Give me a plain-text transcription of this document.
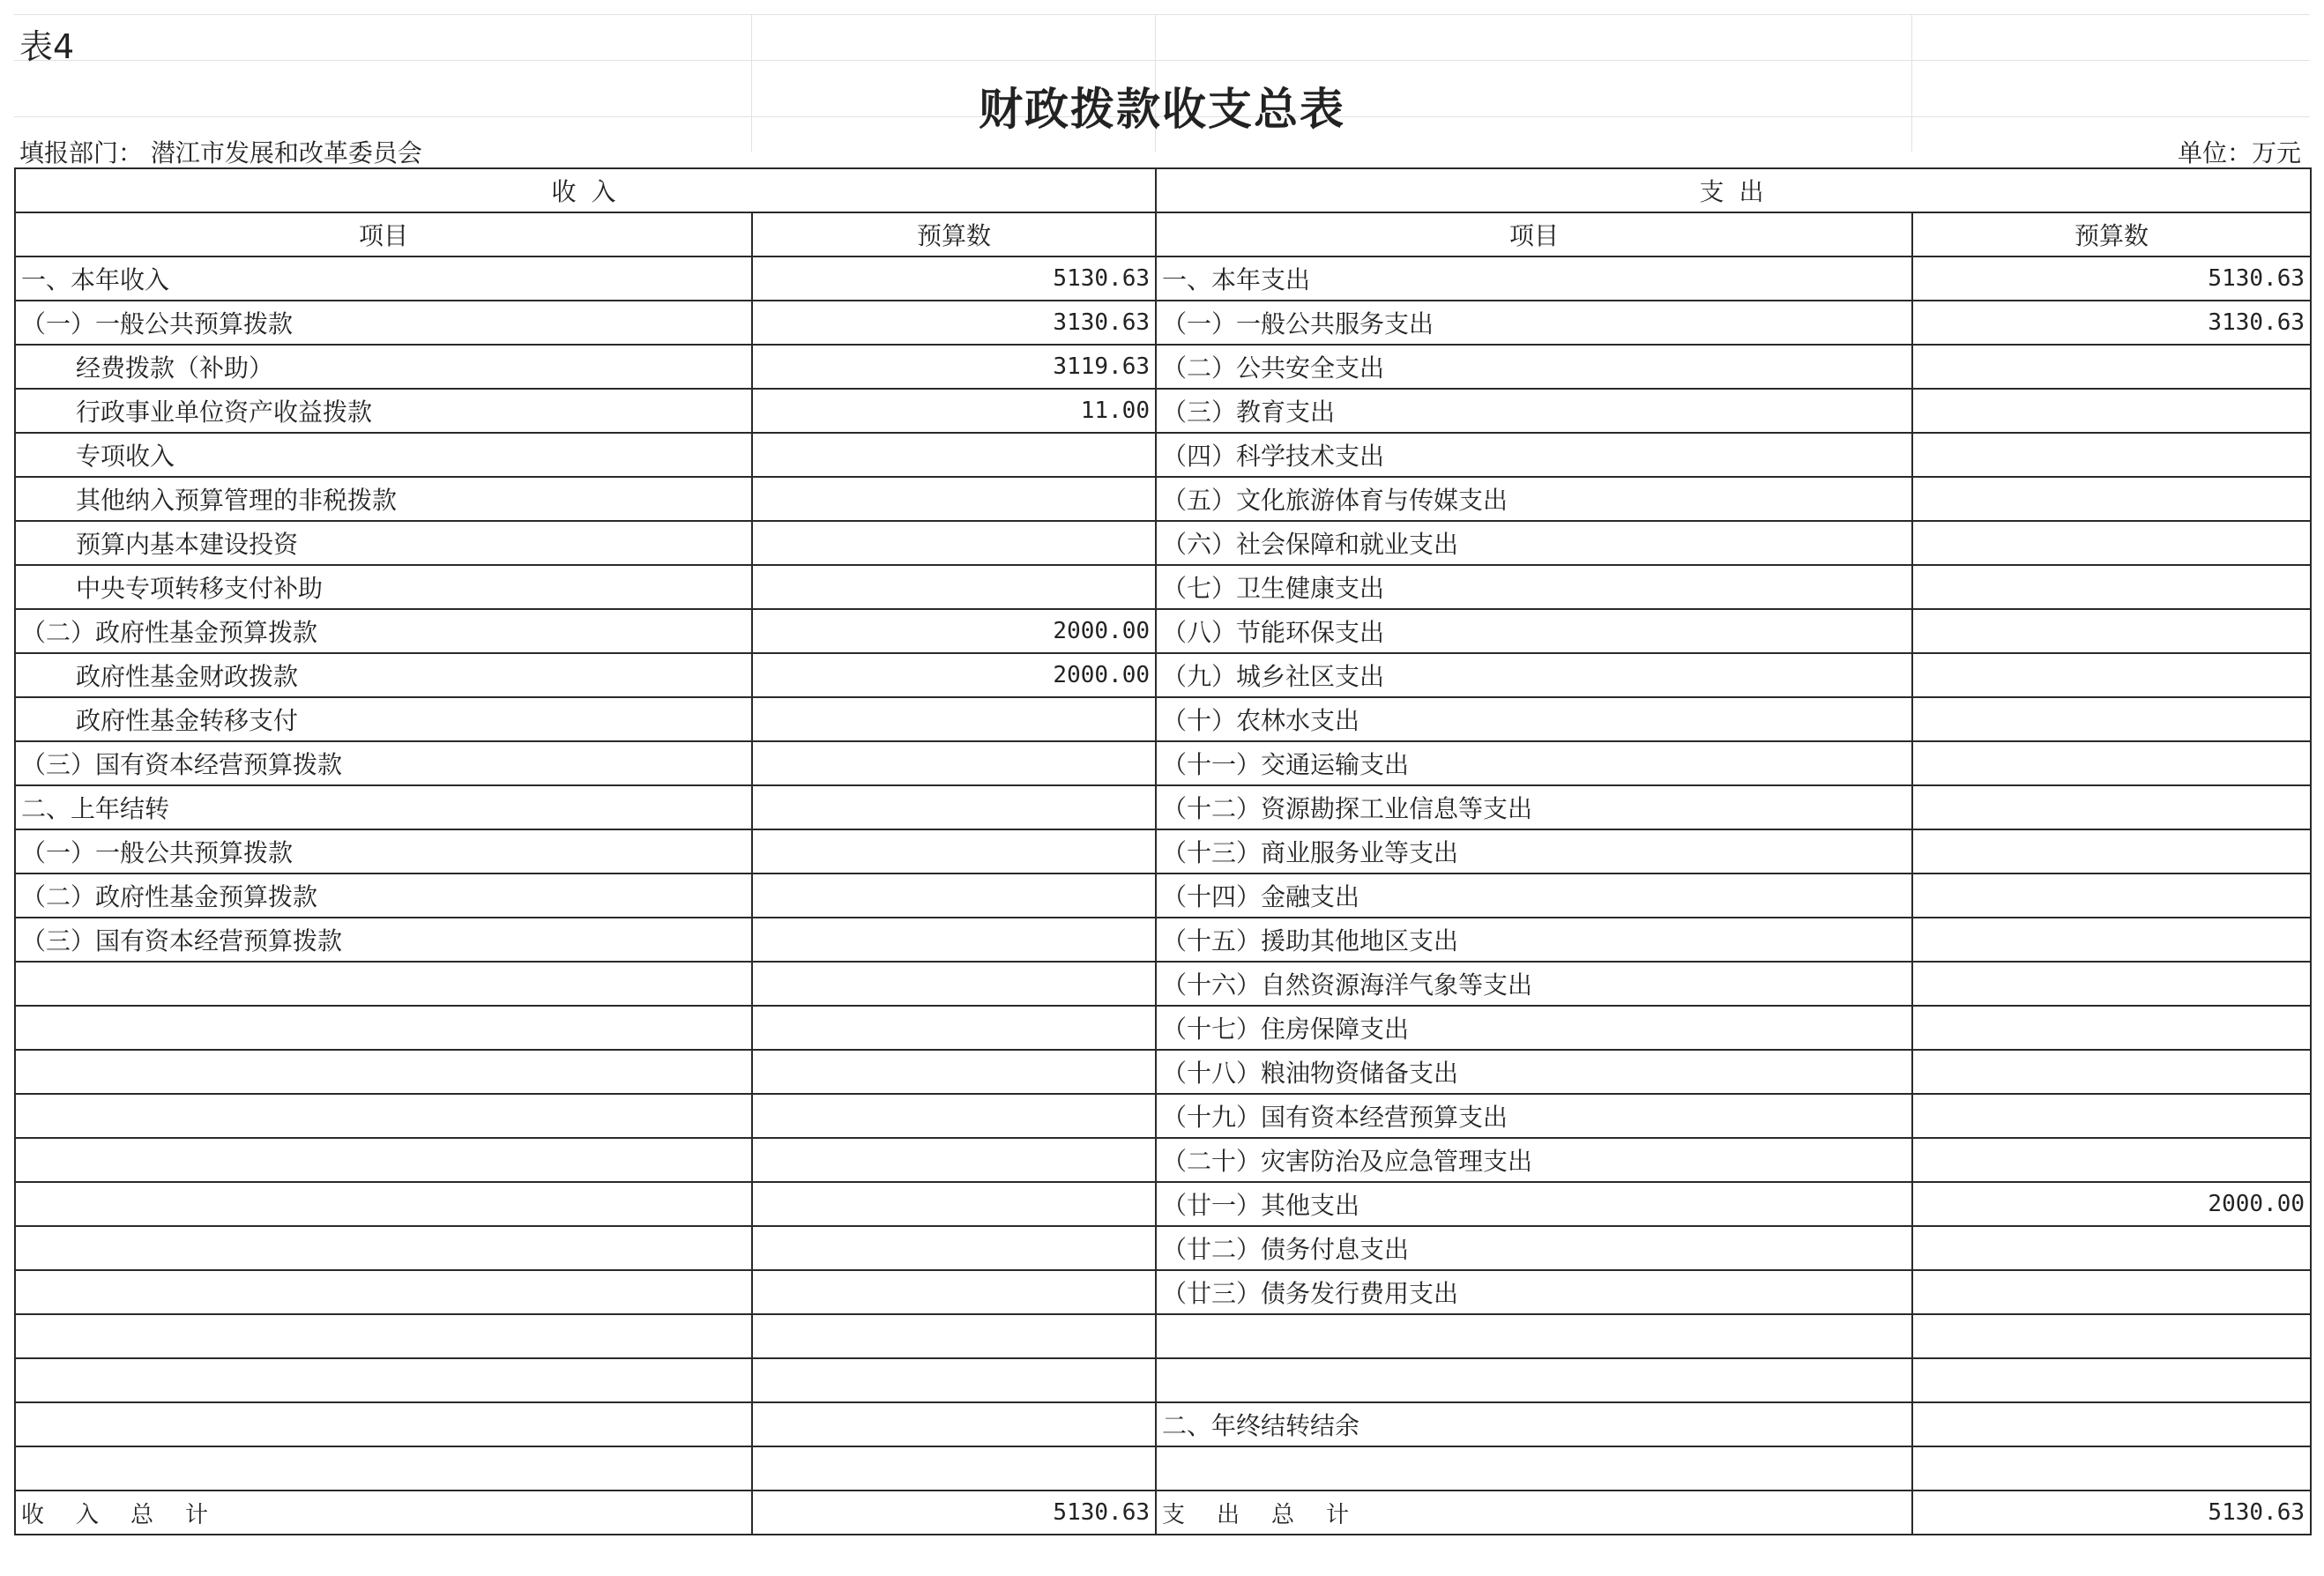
表4
财政拨款收支总表
填报部门： 潜江市发展和改革委员会	单位：万元
收 入		支 出	
项目	预算数	项目	预算数
一、本年收入	5130.63	一、本年支出	5130.63
（一）一般公共预算拨款	3130.63	（一）一般公共服务支出	3130.63
经费拨款（补助）	3119.63	（二）公共安全支出	
行政事业单位资产收益拨款	11.00	（三）教育支出	
专项收入		（四）科学技术支出	
其他纳入预算管理的非税拨款		（五）文化旅游体育与传媒支出	
预算内基本建设投资		（六）社会保障和就业支出	
中央专项转移支付补助		（七）卫生健康支出	
（二）政府性基金预算拨款	2000.00	（八）节能环保支出	
政府性基金财政拨款	2000.00	（九）城乡社区支出	
政府性基金转移支付		（十）农林水支出	
（三）国有资本经营预算拨款		（十一）交通运输支出	
二、上年结转		（十二）资源勘探工业信息等支出	
（一）一般公共预算拨款		（十三）商业服务业等支出	
（二）政府性基金预算拨款		（十四）金融支出	
（三）国有资本经营预算拨款		（十五）援助其他地区支出	
		（十六）自然资源海洋气象等支出	
		（十七）住房保障支出	
		（十八）粮油物资储备支出	
		（十九）国有资本经营预算支出	
		（二十）灾害防治及应急管理支出	
		（廿一）其他支出	2000.00
		（廿二）债务付息支出	
		（廿三）债务发行费用支出	

		二、年终结转结余	

收入总计	5130.63	支出总计	5130.63
